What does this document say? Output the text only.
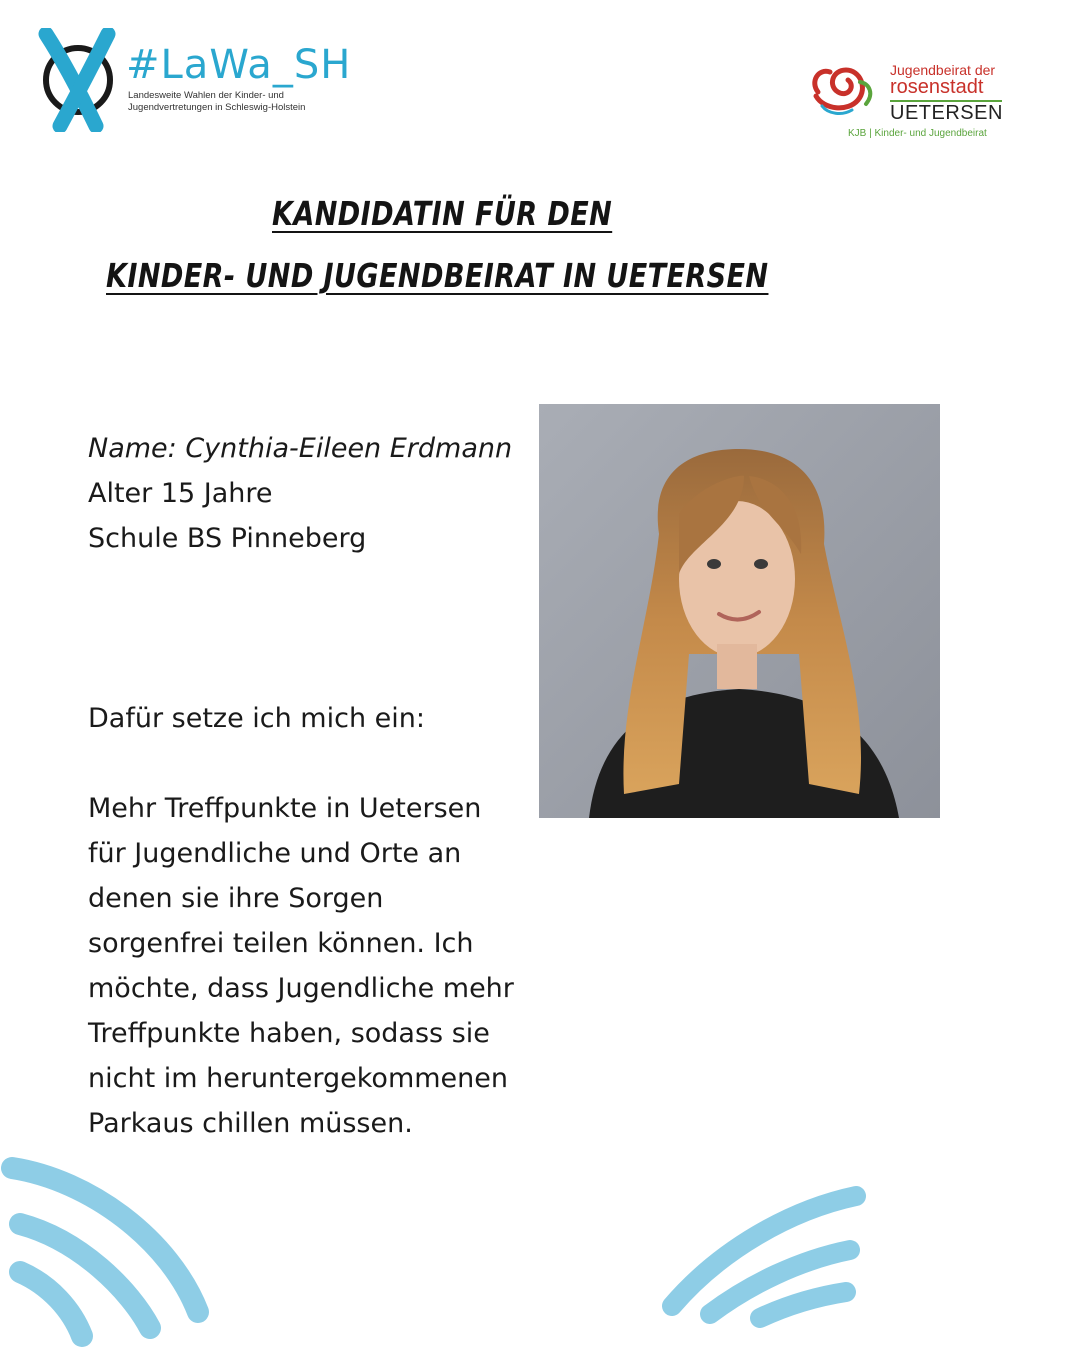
#LaWa_SH
Landesweite Wahlen der Kinder- und
Jugendvertretungen in Schleswig-Holstein
Jugendbeirat der
rosenstadt
UETERSEN
KJB | Kinder- und Jugendbeirat
KANDIDATIN FÜR DEN
KINDER- UND JUGENDBEIRAT IN UETERSEN
Name: Cynthia-Eileen Erdmann
Alter 15 Jahre
Schule BS Pinneberg
Dafür setze ich mich ein:
Mehr Treffpunkte in Uetersen für Jugendliche und Orte an denen sie ihre Sorgen sorgenfrei teilen können. Ich möchte, dass Jugendliche mehr Treffpunkte haben, sodass sie nicht im heruntergekommenen Parkaus chillen müssen.
